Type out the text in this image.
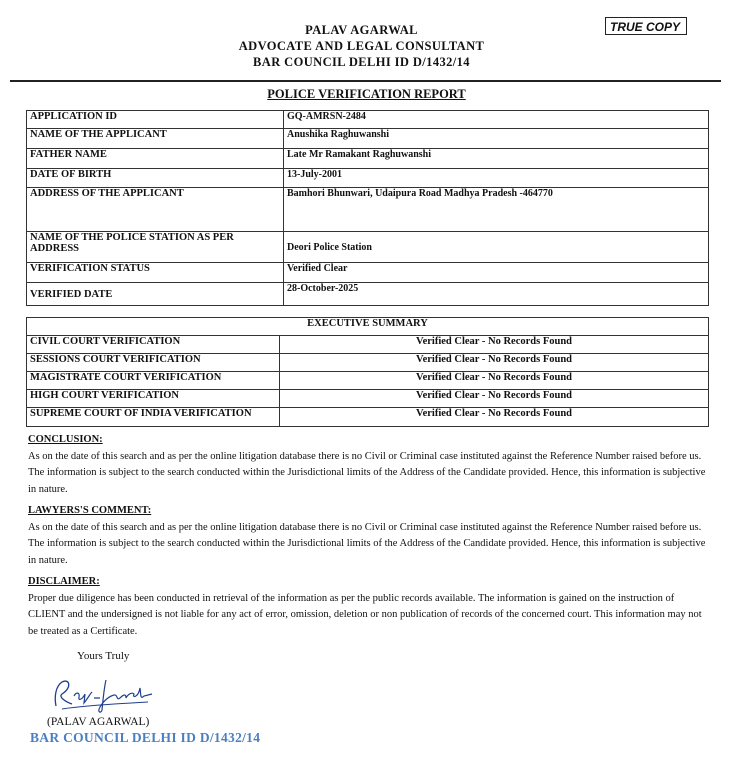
PALAV AGARWAL
ADVOCATE AND LEGAL CONSULTANT
BAR COUNCIL DELHI ID D/1432/14
TRUE COPY
POLICE VERIFICATION REPORT
APPLICATION ID	GQ-AMRSN-2484
NAME OF THE APPLICANT	Anushika Raghuwanshi
FATHER NAME	Late Mr Ramakant Raghuwanshi
DATE OF BIRTH	13-July-2001
ADDRESS OF THE APPLICANT	Bamhori Bhunwari, Udaipura Road Madhya Pradesh -464770
NAME OF THE POLICE STATION AS PER ADDRESS	Deori Police Station
VERIFICATION STATUS	Verified Clear
VERIFIED DATE	28-October-2025
EXECUTIVE SUMMARY	
CIVIL COURT VERIFICATION	Verified Clear - No Records Found
SESSIONS COURT VERIFICATION	Verified Clear - No Records Found
MAGISTRATE COURT VERIFICATION	Verified Clear - No Records Found
HIGH COURT VERIFICATION	Verified Clear - No Records Found
SUPREME COURT OF INDIA VERIFICATION	Verified Clear - No Records Found
CONCLUSION:

As on the date of this search and as per the online litigation database there is no Civil or Criminal case instituted against the Reference Number raised before us. The information is subject to the search conducted within the Jurisdictional limits of the Address of the Candidate provided. Hence, this information is subjective in nature.

LAWYERS'S COMMENT:

As on the date of this search and as per the online litigation database there is no Civil or Criminal case instituted against the Reference Number raised before us. The information is subject to the search conducted within the Jurisdictional limits of the Address of the Candidate provided. Hence, this information is subjective in nature.

DISCLAIMER:

Proper due diligence has been conducted in retrieval of the information as per the public records available. The information is gained on the instruction of CLIENT and the undersigned is not liable for any act of error, omission, deletion or non publication of records of the concerned court. This information may not be treated as a Certificate.

Yours Truly
(PALAV AGARWAL)
BAR COUNCIL DELHI ID D/1432/14
